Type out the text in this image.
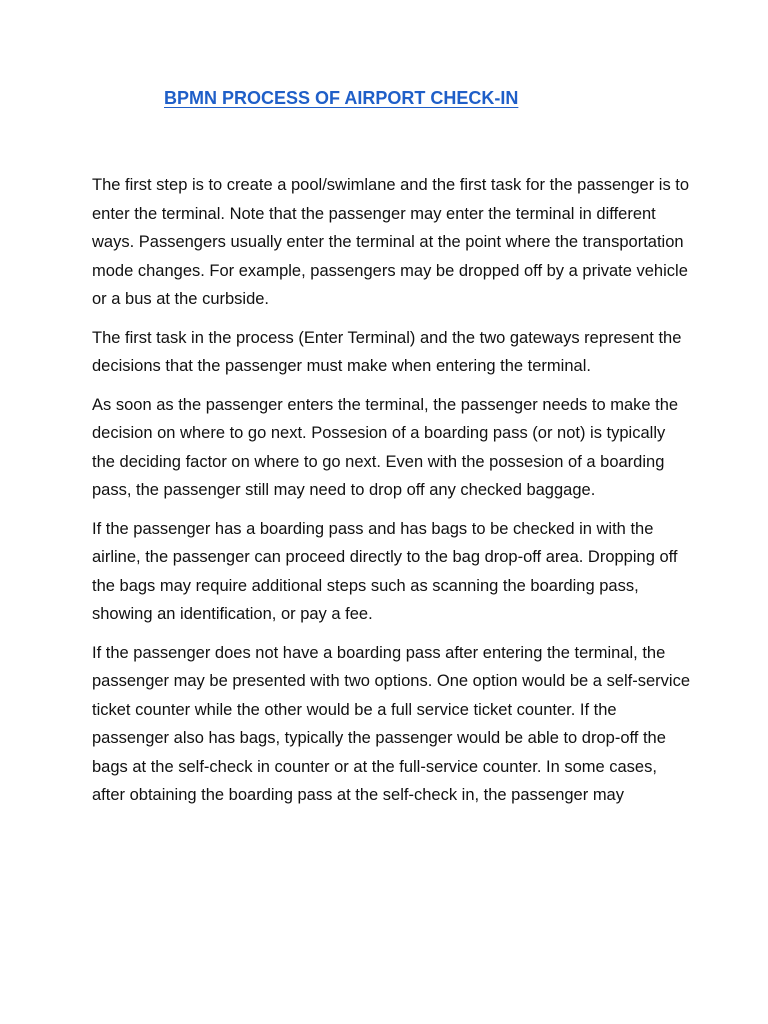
BPMN PROCESS OF AIRPORT CHECK-IN

The first step is to create a pool/swimlane and the first task for the passenger is to enter the terminal. Note that the passenger may enter the terminal in different ways. Passengers usually enter the terminal at the point where the transportation mode changes. For example, passengers may be dropped off by a private vehicle or a bus at the curbside.

The first task in the process (Enter Terminal) and the two gateways represent the decisions that the passenger must make when entering the terminal.

As soon as the passenger enters the terminal, the passenger needs to make the decision on where to go next. Possesion of a boarding pass (or not) is typically the deciding factor on where to go next. Even with the possesion of a boarding pass, the passenger still may need to drop off any checked baggage.

If the passenger has a boarding pass and has bags to be checked in with the airline, the passenger can proceed directly to the bag drop-off area. Dropping off the bags may require additional steps such as scanning the boarding pass, showing an identification, or pay a fee.

If the passenger does not have a boarding pass after entering the terminal, the passenger may be presented with two options. One option would be a self-service ticket counter while the other would be a full service ticket counter. If the passenger also has bags, typically the passenger would be able to drop-off the bags at the self-check in counter or at the full-service counter. In some cases, after obtaining the boarding pass at the self-check in, the passenger may
